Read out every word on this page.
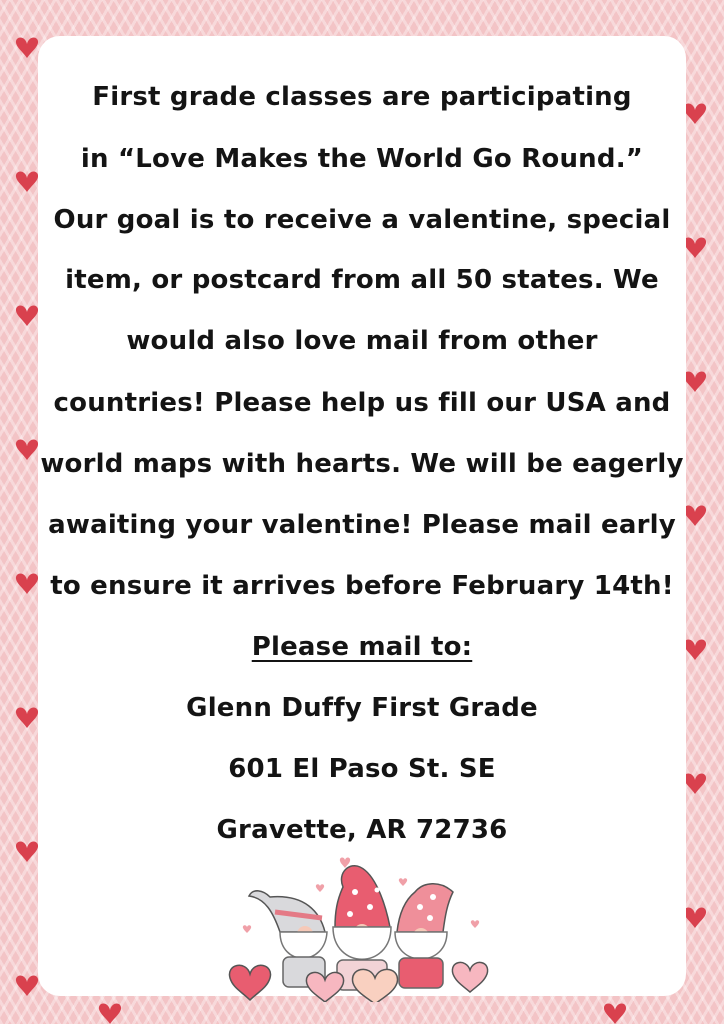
First grade classes are participating
in “Love Makes the World Go Round.”
Our goal is to receive a valentine, special
item, or postcard from all 50 states. We
would also love mail from other
countries! Please help us fill our USA and
world maps with hearts. We will be eagerly
awaiting your valentine! Please mail early
to ensure it arrives before February 14th!
Please mail to:
Glenn Duffy First Grade
601 El Paso St. SE
Gravette, AR 72736
